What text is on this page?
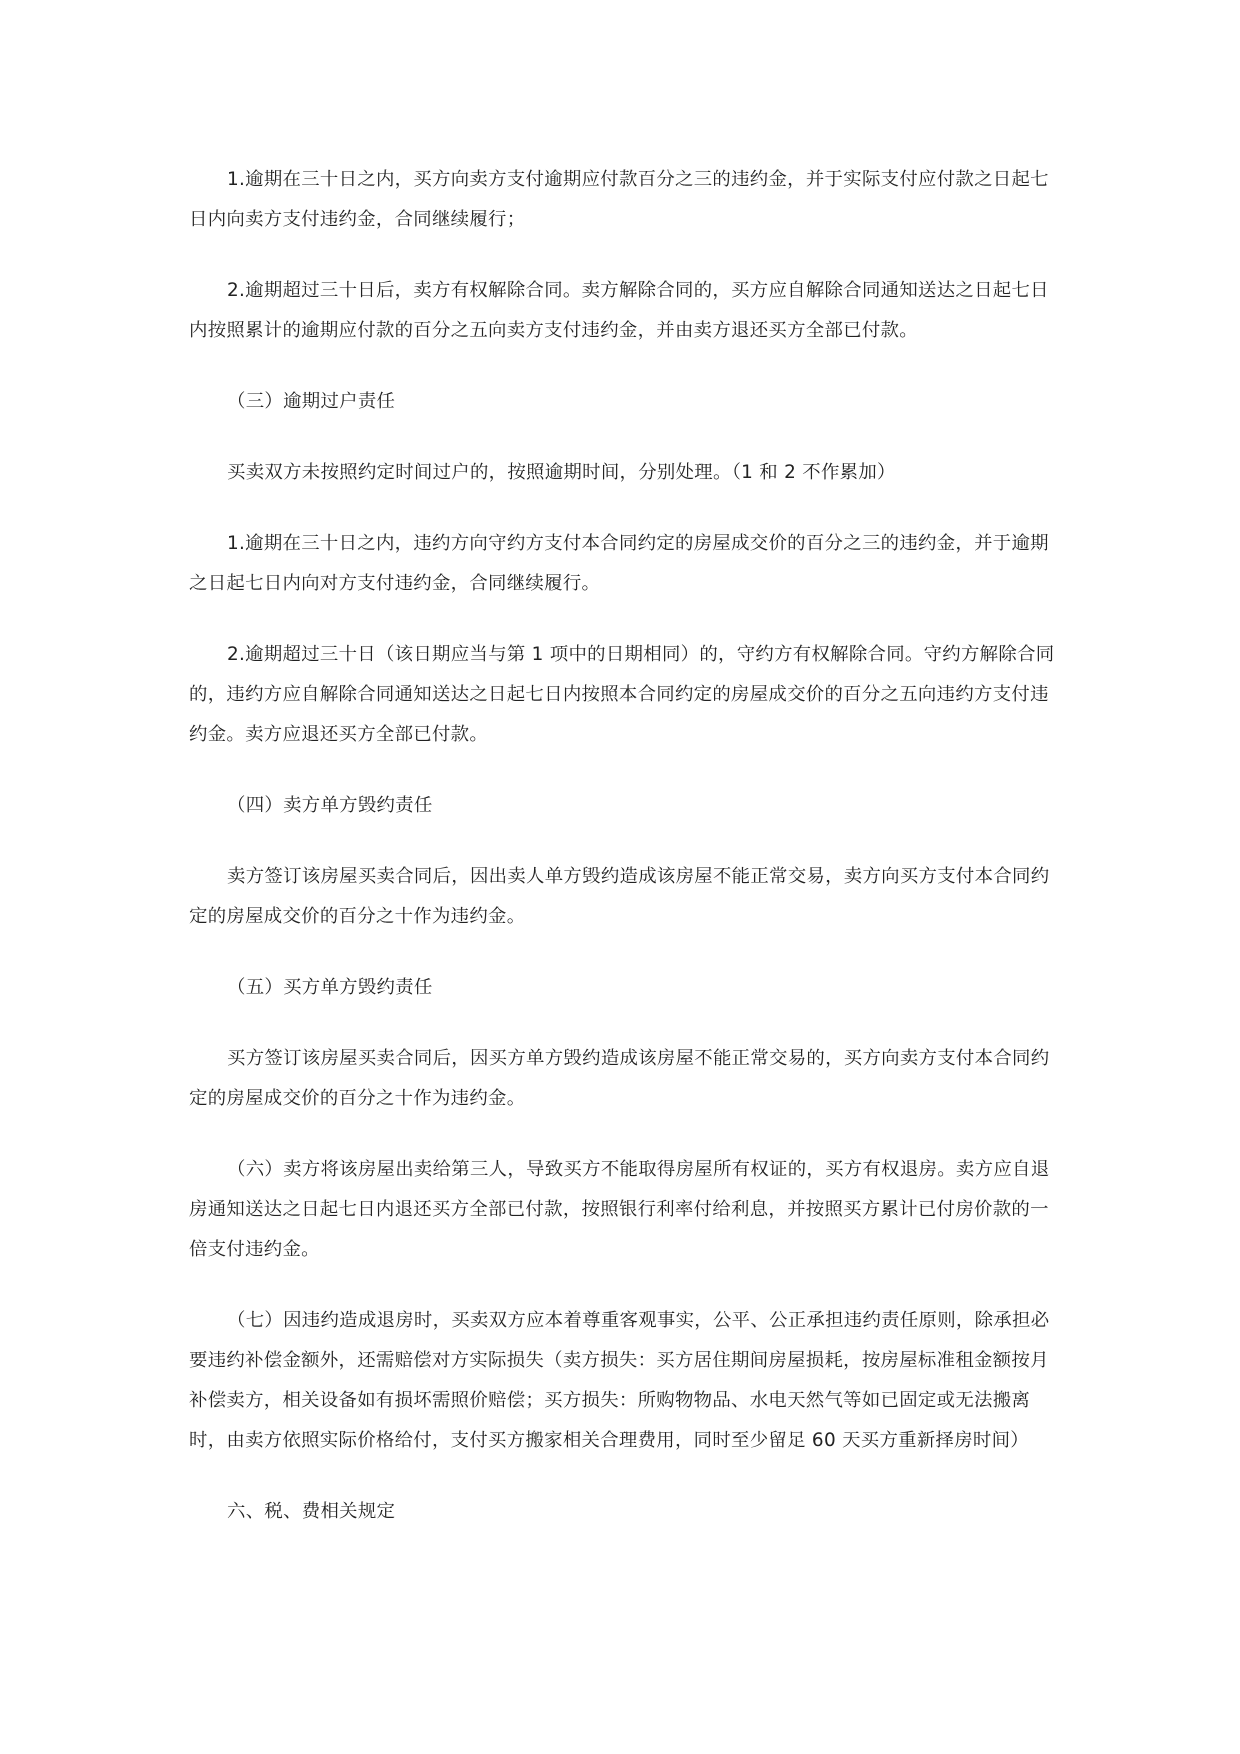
1.逾期在三十日之内，买方向卖方支付逾期应付款百分之三的违约金，并于实际支付应付款之日起七日内向卖方支付违约金，合同继续履行；

2.逾期超过三十日后，卖方有权解除合同。卖方解除合同的，买方应自解除合同通知送达之日起七日内按照累计的逾期应付款的百分之五向卖方支付违约金，并由卖方退还买方全部已付款。

（三）逾期过户责任

买卖双方未按照约定时间过户的，按照逾期时间，分别处理。（1 和 2 不作累加）

1.逾期在三十日之内，违约方向守约方支付本合同约定的房屋成交价的百分之三的违约金，并于逾期之日起七日内向对方支付违约金，合同继续履行。

2.逾期超过三十日（该日期应当与第 1 项中的日期相同）的，守约方有权解除合同。守约方解除合同的，违约方应自解除合同通知送达之日起七日内按照本合同约定的房屋成交价的百分之五向违约方支付违约金。卖方应退还买方全部已付款。

（四）卖方单方毁约责任

卖方签订该房屋买卖合同后，因出卖人单方毁约造成该房屋不能正常交易，卖方向买方支付本合同约定的房屋成交价的百分之十作为违约金。

（五）买方单方毁约责任

买方签订该房屋买卖合同后，因买方单方毁约造成该房屋不能正常交易的，买方向卖方支付本合同约定的房屋成交价的百分之十作为违约金。

（六）卖方将该房屋出卖给第三人，导致买方不能取得房屋所有权证的，买方有权退房。卖方应自退房通知送达之日起七日内退还买方全部已付款，按照银行利率付给利息，并按照买方累计已付房价款的一倍支付违约金。

（七）因违约造成退房时，买卖双方应本着尊重客观事实，公平、公正承担违约责任原则，除承担必要违约补偿金额外，还需赔偿对方实际损失（卖方损失：买方居住期间房屋损耗，按房屋标准租金额按月补偿卖方，相关设备如有损坏需照价赔偿；买方损失：所购物物品、水电天然气等如已固定或无法搬离时，由卖方依照实际价格给付，支付买方搬家相关合理费用，同时至少留足 60 天买方重新择房时间）

六、税、费相关规定
